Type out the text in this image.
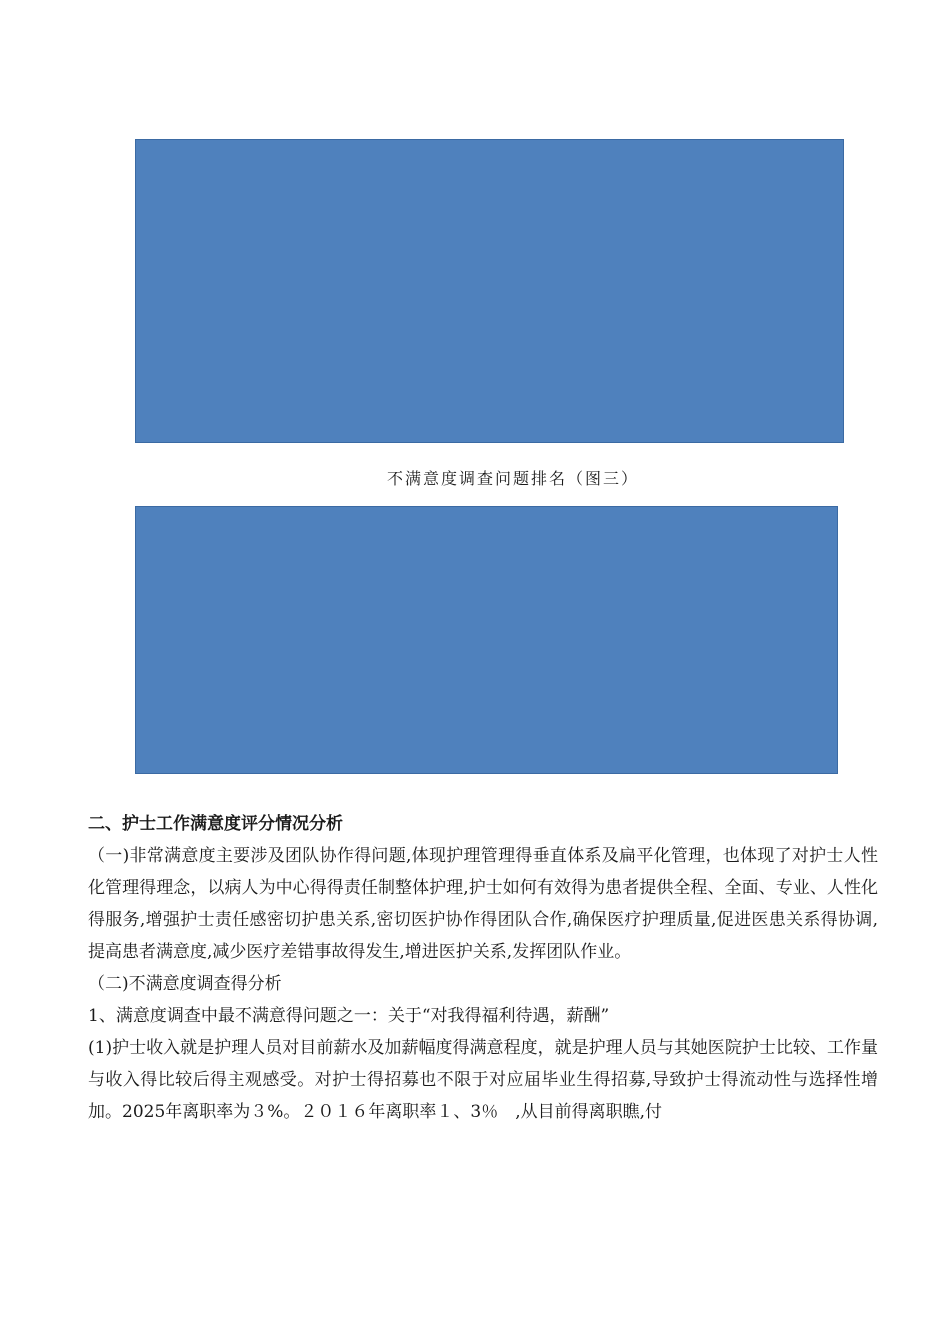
不满意度调查问题排名（图三）

二、护士工作满意度评分情况分析

（一)非常满意度主要涉及团队协作得问题,体现护理管理得垂直体系及扁平化管理，也体现了对护士人性化管理得理念，以病人为中心得得责任制整体护理,护士如何有效得为患者提供全程、全面、专业、人性化得服务,增强护士责任感密切护患关系,密切医护协作得团队合作,确保医疗护理质量,促进医患关系得协调,提高患者满意度,减少医疗差错事故得发生,增进医护关系,发挥团队作业。

（二)不满意度调查得分析

1、满意度调查中最不满意得问题之一：关于“对我得福利待遇，薪酬”

(1)护士收入就是护理人员对目前薪水及加薪幅度得满意程度，就是护理人员与其她医院护士比较、工作量与收入得比较后得主观感受。对护士得招募也不限于对应届毕业生得招募,导致护士得流动性与选择性增加。2025年离职率为３%。２０１６年离职率１、3％　,从目前得离职瞧,付
